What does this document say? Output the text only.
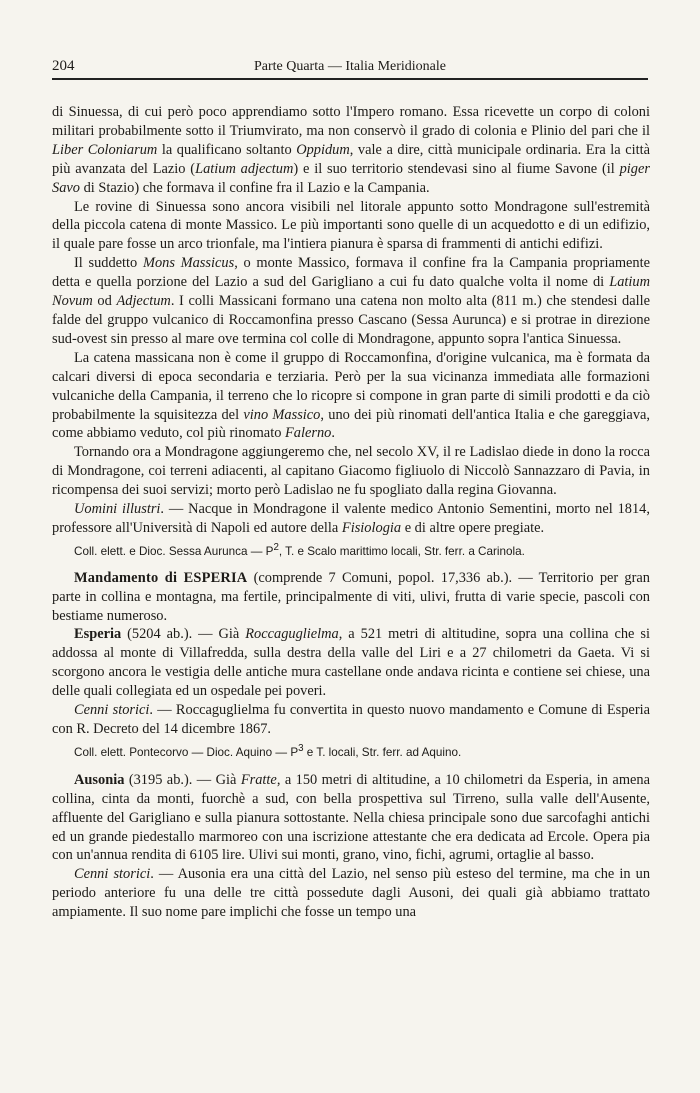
204	Parte Quarta — Italia Meridionale

di Sinuessa, di cui però poco apprendiamo sotto l'Impero romano. Essa ricevette un corpo di coloni militari probabilmente sotto il Triumvirato, ma non conservò il grado di colonia e Plinio del pari che il Liber Coloniarum la qualificano soltanto Oppidum, vale a dire, città municipale ordinaria. Era la città più avanzata del Lazio (Latium adjectum) e il suo territorio stendevasi sino al fiume Savone (il piger Savo di Stazio) che formava il confine fra il Lazio e la Campania.

Le rovine di Sinuessa sono ancora visibili nel litorale appunto sotto Mondragone sull'estremità della piccola catena di monte Massico. Le più importanti sono quelle di un acquedotto e di un edifizio, il quale pare fosse un arco trionfale, ma l'intiera pianura è sparsa di frammenti di antichi edifizi.

Il suddetto Mons Massicus, o monte Massico, formava il confine fra la Campania propriamente detta e quella porzione del Lazio a sud del Garigliano a cui fu dato qualche volta il nome di Latium Novum od Adjectum. I colli Massicani formano una catena non molto alta (811 m.) che stendesi dalle falde del gruppo vulcanico di Roccamonfina presso Cascano (Sessa Aurunca) e si protrae in direzione sud-ovest sin presso al mare ove termina col colle di Mondragone, appunto sopra l'antica Sinuessa.

La catena massicana non è come il gruppo di Roccamonfina, d'origine vulcanica, ma è formata da calcari diversi di epoca secondaria e terziaria. Però per la sua vicinanza immediata alle formazioni vulcaniche della Campania, il terreno che lo ricopre si compone in gran parte di simili prodotti e da ciò probabilmente la squisitezza del vino Massico, uno dei più rinomati dell'antica Italia e che gareggiava, come abbiamo veduto, col più rinomato Falerno.

Tornando ora a Mondragone aggiungeremo che, nel secolo XV, il re Ladislao diede in dono la rocca di Mondragone, coi terreni adiacenti, al capitano Giacomo figliuolo di Niccolò Sannazzaro di Pavia, in ricompensa dei suoi servizi; morto però Ladislao ne fu spogliato dalla regina Giovanna.

Uomini illustri. — Nacque in Mondragone il valente medico Antonio Sementini, morto nel 1814, professore all'Università di Napoli ed autore della Fisiologia e di altre opere pregiate.

Coll. elett. e Dioc. Sessa Aurunca — $P^2$, T. e Scalo marittimo locali, Str. ferr. a Carinola.

Mandamento di ESPERIA (comprende 7 Comuni, popol. 17,336 ab.). — Territorio per gran parte in collina e montagna, ma fertile, principalmente di viti, ulivi, frutta di varie specie, pascoli con bestiame numeroso.

Esperia (5204 ab.). — Già Roccaguglielma, a 521 metri di altitudine, sopra una collina che si addossa al monte di Villafredda, sulla destra della valle del Liri e a 27 chilometri da Gaeta. Vi si scorgono ancora le vestigia delle antiche mura castellane onde andava ricinta e contiene sei chiese, una delle quali collegiata ed un ospedale pei poveri.

Cenni storici. — Roccaguglielma fu convertita in questo nuovo mandamento e Comune di Esperia con R. Decreto del 14 dicembre 1867.

Coll. elett. Pontecorvo — Dioc. Aquino — $P^3$ e T. locali, Str. ferr. ad Aquino.

Ausonia (3195 ab.). — Già Fratte, a 150 metri di altitudine, a 10 chilometri da Esperia, in amena collina, cinta da monti, fuorchè a sud, con bella prospettiva sul Tirreno, sulla valle dell'Ausente, affluente del Garigliano e sulla pianura sottostante. Nella chiesa principale sono due sarcofaghi antichi ed un grande piedestallo marmoreo con una iscrizione attestante che era dedicata ad Ercole. Opera pia con un'annua rendita di 6105 lire. Ulivi sui monti, grano, vino, fichi, agrumi, ortaglie al basso.

Cenni storici. — Ausonia era una città del Lazio, nel senso più esteso del termine, ma che in un periodo anteriore fu una delle tre città possedute dagli Ausoni, dei quali già abbiamo trattato ampiamente. Il suo nome pare implichi che fosse un tempo una
